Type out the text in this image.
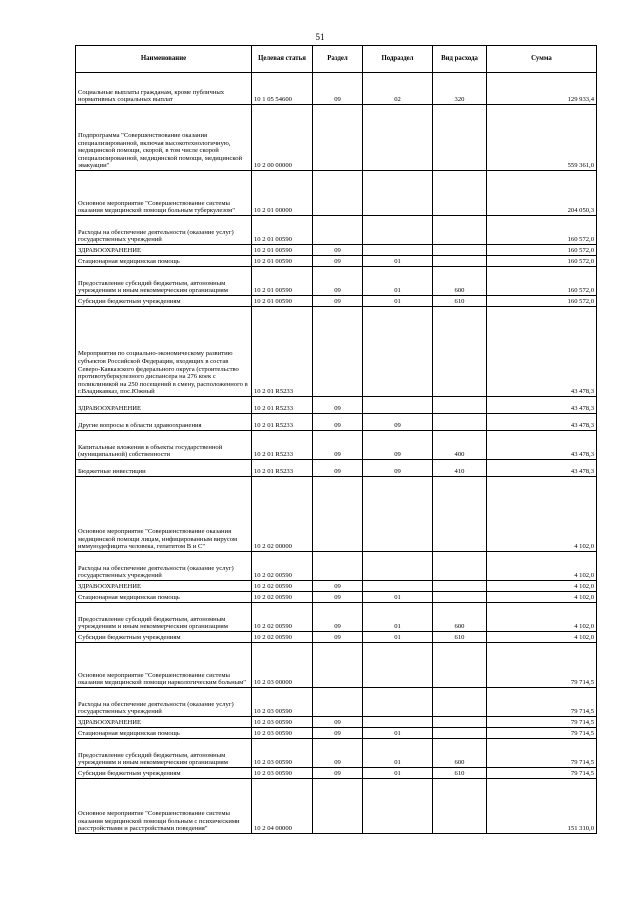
51
Наименование	Целевая статья	Раздел	Подраздел	Вид расхода	Сумма
Социальные выплаты гражданам, кроме публичных нормативных социальных выплат	10 1 05 54600	09	02	320	129 933,4
Подпрограмма "Совершенствование оказания специализированной, включая высокотехнологичную, медицинской помощи, скорой, в том числе скорой специализированной, медицинской помощи, медицинской эвакуации"	10 2 00 00000				559 361,0
Основное мероприятие "Совершенствование системы оказания медицинской помощи больным туберкулезом"	10 2 01 00000				204 050,3
Расходы на обеспечение деятельности (оказание услуг) государственных учреждений	10 2 01 00590				160 572,0
ЗДРАВООХРАНЕНИЕ	10 2 01 00590	09			160 572,0
Стационарная медицинская помощь	10 2 01 00590	09	01		160 572,0
Предоставление субсидий бюджетным, автономным учреждениям и иным некоммерческим организациям	10 2 01 00590	09	01	600	160 572,0
Субсидии бюджетным учреждениям	10 2 01 00590	09	01	610	160 572,0
Мероприятия по социально-экономическому развитию субъектов Российской Федерации, входящих в состав Северо-Кавказского федерального округа (строительство противотуберкулезного диспансера на 276 коек с поликлиникой на 250 посещений в смену, расположенного в г.Владикавказ, пос.Южный	10 2 01 R5233				43 478,3
ЗДРАВООХРАНЕНИЕ	10 2 01 R5233	09			43 478,3
Другие вопросы в области здравоохранения	10 2 01 R5233	09	09		43 478,3
Капитальные вложения в объекты государственной (муниципальной) собственности	10 2 01 R5233	09	09	400	43 478,3
Бюджетные инвестиции	10 2 01 R5233	09	09	410	43 478,3
Основное мероприятие "Совершенствование оказания медицинской помощи лицам, инфицированным вирусом иммунодефицита человека, гепатитом B и C"	10 2 02 00000				4 102,0
Расходы на обеспечение деятельности (оказание услуг) государственных учреждений	10 2 02 00590				4 102,0
ЗДРАВООХРАНЕНИЕ	10 2 02 00590	09			4 102,0
Стационарная медицинская помощь	10 2 02 00590	09	01		4 102,0
Предоставление субсидий бюджетным, автономным учреждениям и иным некоммерческим организациям	10 2 02 00590	09	01	600	4 102,0
Субсидии бюджетным учреждениям	10 2 02 00590	09	01	610	4 102,0
Основное мероприятие "Совершенствование системы оказания медицинской помощи наркологическим больным"	10 2 03 00000				79 714,5
Расходы на обеспечение деятельности (оказание услуг) государственных учреждений	10 2 03 00590				79 714,5
ЗДРАВООХРАНЕНИЕ	10 2 03 00590	09			79 714,5
Стационарная медицинская помощь	10 2 03 00590	09	01		79 714,5
Предоставление субсидий бюджетным, автономным учреждениям и иным некоммерческим организациям	10 2 03 00590	09	01	600	79 714,5
Субсидии бюджетным учреждениям	10 2 03 00590	09	01	610	79 714,5
Основное мероприятие "Совершенствование системы оказания медицинской помощи больным с психическими расстройствами и расстройствами поведения"	10 2 04 00000				151 310,0
